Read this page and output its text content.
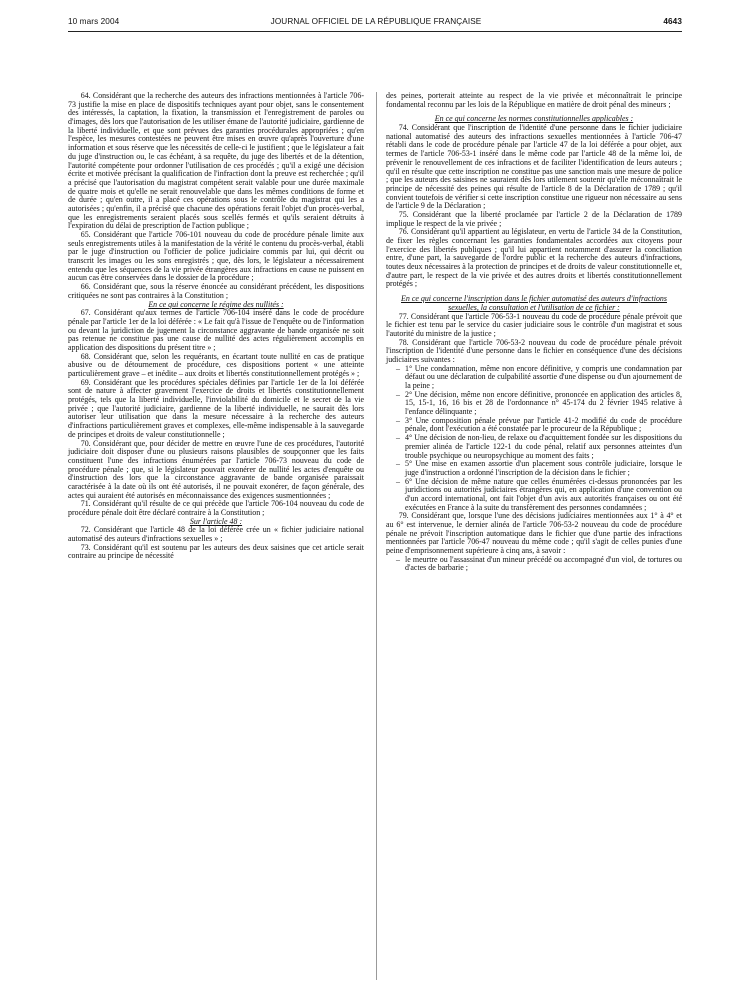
10 mars 2004	JOURNAL OFFICIEL DE LA RÉPUBLIQUE FRANÇAISE	4643

64. Considérant que la recherche des auteurs des infractions mentionnées à l'article 706-73 justifie la mise en place de dispositifs techniques ayant pour objet, sans le consentement des intéressés, la captation, la fixation, la transmission et l'enregistrement de paroles ou d'images, dès lors que l'autorisation de les utiliser émane de l'autorité judiciaire, gardienne de la liberté individuelle, et que sont prévues des garanties procédurales appropriées ; qu'en l'espèce, les mesures contestées ne peuvent être mises en œuvre qu'après l'ouverture d'une information et sous réserve que les nécessités de celle-ci le justifient ; que le législateur a fait du juge d'instruction ou, le cas échéant, à sa requête, du juge des libertés et de la détention, l'autorité compétente pour ordonner l'utilisation de ces procédés ; qu'il a exigé une décision écrite et motivée précisant la qualification de l'infraction dont la preuve est recherchée ; qu'il a précisé que l'autorisation du magistrat compétent serait valable pour une durée maximale de quatre mois et qu'elle ne serait renouvelable que dans les mêmes conditions de forme et de durée ; qu'en outre, il a placé ces opérations sous le contrôle du magistrat qui les a autorisées ; qu'enfin, il a précisé que chacune des opérations ferait l'objet d'un procès-verbal, que les enregistrements seraient placés sous scellés fermés et qu'ils seraient détruits à l'expiration du délai de prescription de l'action publique ;

65. Considérant que l'article 706-101 nouveau du code de procédure pénale limite aux seuls enregistrements utiles à la manifestation de la vérité le contenu du procès-verbal, établi par le juge d'instruction ou l'officier de police judiciaire commis par lui, qui décrit ou transcrit les images ou les sons enregistrés ; que, dès lors, le législateur a nécessairement entendu que les séquences de la vie privée étrangères aux infractions en cause ne puissent en aucun cas être conservées dans le dossier de la procédure ;

66. Considérant que, sous la réserve énoncée au considérant précédent, les dispositions critiquées ne sont pas contraires à la Constitution ;

En ce qui concerne le régime des nullités :

67. Considérant qu'aux termes de l'article 706-104 inséré dans le code de procédure pénale par l'article 1er de la loi déférée : « Le fait qu'à l'issue de l'enquête ou de l'information ou devant la juridiction de jugement la circonstance aggravante de bande organisée ne soit pas retenue ne constitue pas une cause de nullité des actes régulièrement accomplis en application des dispositions du présent titre » ;

68. Considérant que, selon les requérants, en écartant toute nullité en cas de pratique abusive ou de détournement de procédure, ces dispositions portent « une atteinte particulièrement grave – et inédite – aux droits et libertés constitutionnellement protégés » ;

69. Considérant que les procédures spéciales définies par l'article 1er de la loi déférée sont de nature à affecter gravement l'exercice de droits et libertés constitutionnellement protégés, tels que la liberté individuelle, l'inviolabilité du domicile et le secret de la vie privée ; que l'autorité judiciaire, gardienne de la liberté individuelle, ne saurait dès lors autoriser leur utilisation que dans la mesure nécessaire à la recherche des auteurs d'infractions particulièrement graves et complexes, elle-même indispensable à la sauvegarde de principes et droits de valeur constitutionnelle ;

70. Considérant que, pour décider de mettre en œuvre l'une de ces procédures, l'autorité judiciaire doit disposer d'une ou plusieurs raisons plausibles de soupçonner que les faits constituent l'une des infractions énumérées par l'article 706-73 nouveau du code de procédure pénale ; que, si le législateur pouvait exonérer de nullité les actes d'enquête ou d'instruction des lors que la circonstance aggravante de bande organisée paraissait caractérisée à la date où ils ont été autorisés, il ne pouvait exonérer, de façon générale, des actes qui auraient été autorisés en méconnaissance des exigences susmentionnées ;

71. Considérant qu'il résulte de ce qui précède que l'article 706-104 nouveau du code de procédure pénale doit être déclaré contraire à la Constitution ;

Sur l'article 48 :

72. Considérant que l'article 48 de la loi déférée crée un « fichier judiciaire national automatisé des auteurs d'infractions sexuelles » ;

73. Considérant qu'il est soutenu par les auteurs des deux saisines que cet article serait contraire au principe de nécessité

des peines, porterait atteinte au respect de la vie privée et méconnaîtrait le principe fondamental reconnu par les lois de la République en matière de droit pénal des mineurs ;

En ce qui concerne les normes constitutionnelles applicables :

74. Considérant que l'inscription de l'identité d'une personne dans le fichier judiciaire national automatisé des auteurs des infractions sexuelles mentionnées à l'article 706-47 rétabli dans le code de procédure pénale par l'article 47 de la loi déférée a pour objet, aux termes de l'article 706-53-1 inséré dans le même code par l'article 48 de la même loi, de prévenir le renouvellement de ces infractions et de faciliter l'identification de leurs auteurs ; qu'il en résulte que cette inscription ne constitue pas une sanction mais une mesure de police ; que les auteurs des saisines ne sauraient dès lors utilement soutenir qu'elle méconnaîtrait le principe de nécessité des peines qui résulte de l'article 8 de la Déclaration de 1789 ; qu'il convient toutefois de vérifier si cette inscription constitue une rigueur non nécessaire au sens de l'article 9 de la Déclaration ;

75. Considérant que la liberté proclamée par l'article 2 de la Déclaration de 1789 implique le respect de la vie privée ;

76. Considérant qu'il appartient au législateur, en vertu de l'article 34 de la Constitution, de fixer les règles concernant les garanties fondamentales accordées aux citoyens pour l'exercice des libertés publiques ; qu'il lui appartient notamment d'assurer la conciliation entre, d'une part, la sauvegarde de l'ordre public et la recherche des auteurs d'infractions, toutes deux nécessaires à la protection de principes et de droits de valeur constitutionnelle et, d'autre part, le respect de la vie privée et des autres droits et libertés constitutionnellement protégés ;

En ce qui concerne l'inscription dans le fichier automatisé des auteurs d'infractions sexuelles, la consultation et l'utilisation de ce fichier :

77. Considérant que l'article 706-53-1 nouveau du code de procédure pénale prévoit que le fichier est tenu par le service du casier judiciaire sous le contrôle d'un magistrat et sous l'autorité du ministre de la justice ;

78. Considérant que l'article 706-53-2 nouveau du code de procédure pénale prévoit l'inscription de l'identité d'une personne dans le fichier en conséquence d'une des décisions judiciaires suivantes :

– 1° Une condamnation, même non encore définitive, y compris une condamnation par défaut ou une déclaration de culpabilité assortie d'une dispense ou d'un ajournement de la peine ;
– 2° Une décision, même non encore définitive, prononcée en application des articles 8, 15, 15-1, 16, 16 bis et 28 de l'ordonnance n° 45-174 du 2 février 1945 relative à l'enfance délinquante ;
– 3° Une composition pénale prévue par l'article 41-2 modifié du code de procédure pénale, dont l'exécution a été constatée par le procureur de la République ;
– 4° Une décision de non-lieu, de relaxe ou d'acquittement fondée sur les dispositions du premier alinéa de l'article 122-1 du code pénal, relatif aux personnes atteintes d'un trouble psychique ou neuropsychique au moment des faits ;
– 5° Une mise en examen assortie d'un placement sous contrôle judiciaire, lorsque le juge d'instruction a ordonné l'inscription de la décision dans le fichier ;
– 6° Une décision de même nature que celles énumérées ci-dessus prononcées par les juridictions ou autorités judiciaires étrangères qui, en application d'une convention ou d'un accord international, ont fait l'objet d'un avis aux autorités françaises ou ont été exécutées en France à la suite du transfèrement des personnes condamnées ;

79. Considérant que, lorsque l'une des décisions judiciaires mentionnées aux 1° à 4° et au 6° est intervenue, le dernier alinéa de l'article 706-53-2 nouveau du code de procédure pénale ne prévoit l'inscription automatique dans le fichier que d'une partie des infractions mentionnées par l'article 706-47 nouveau du même code ; qu'il s'agit de celles punies d'une peine d'emprisonnement supérieure à cinq ans, à savoir :

– le meurtre ou l'assassinat d'un mineur précédé ou accompagné d'un viol, de tortures ou d'actes de barbarie ;
